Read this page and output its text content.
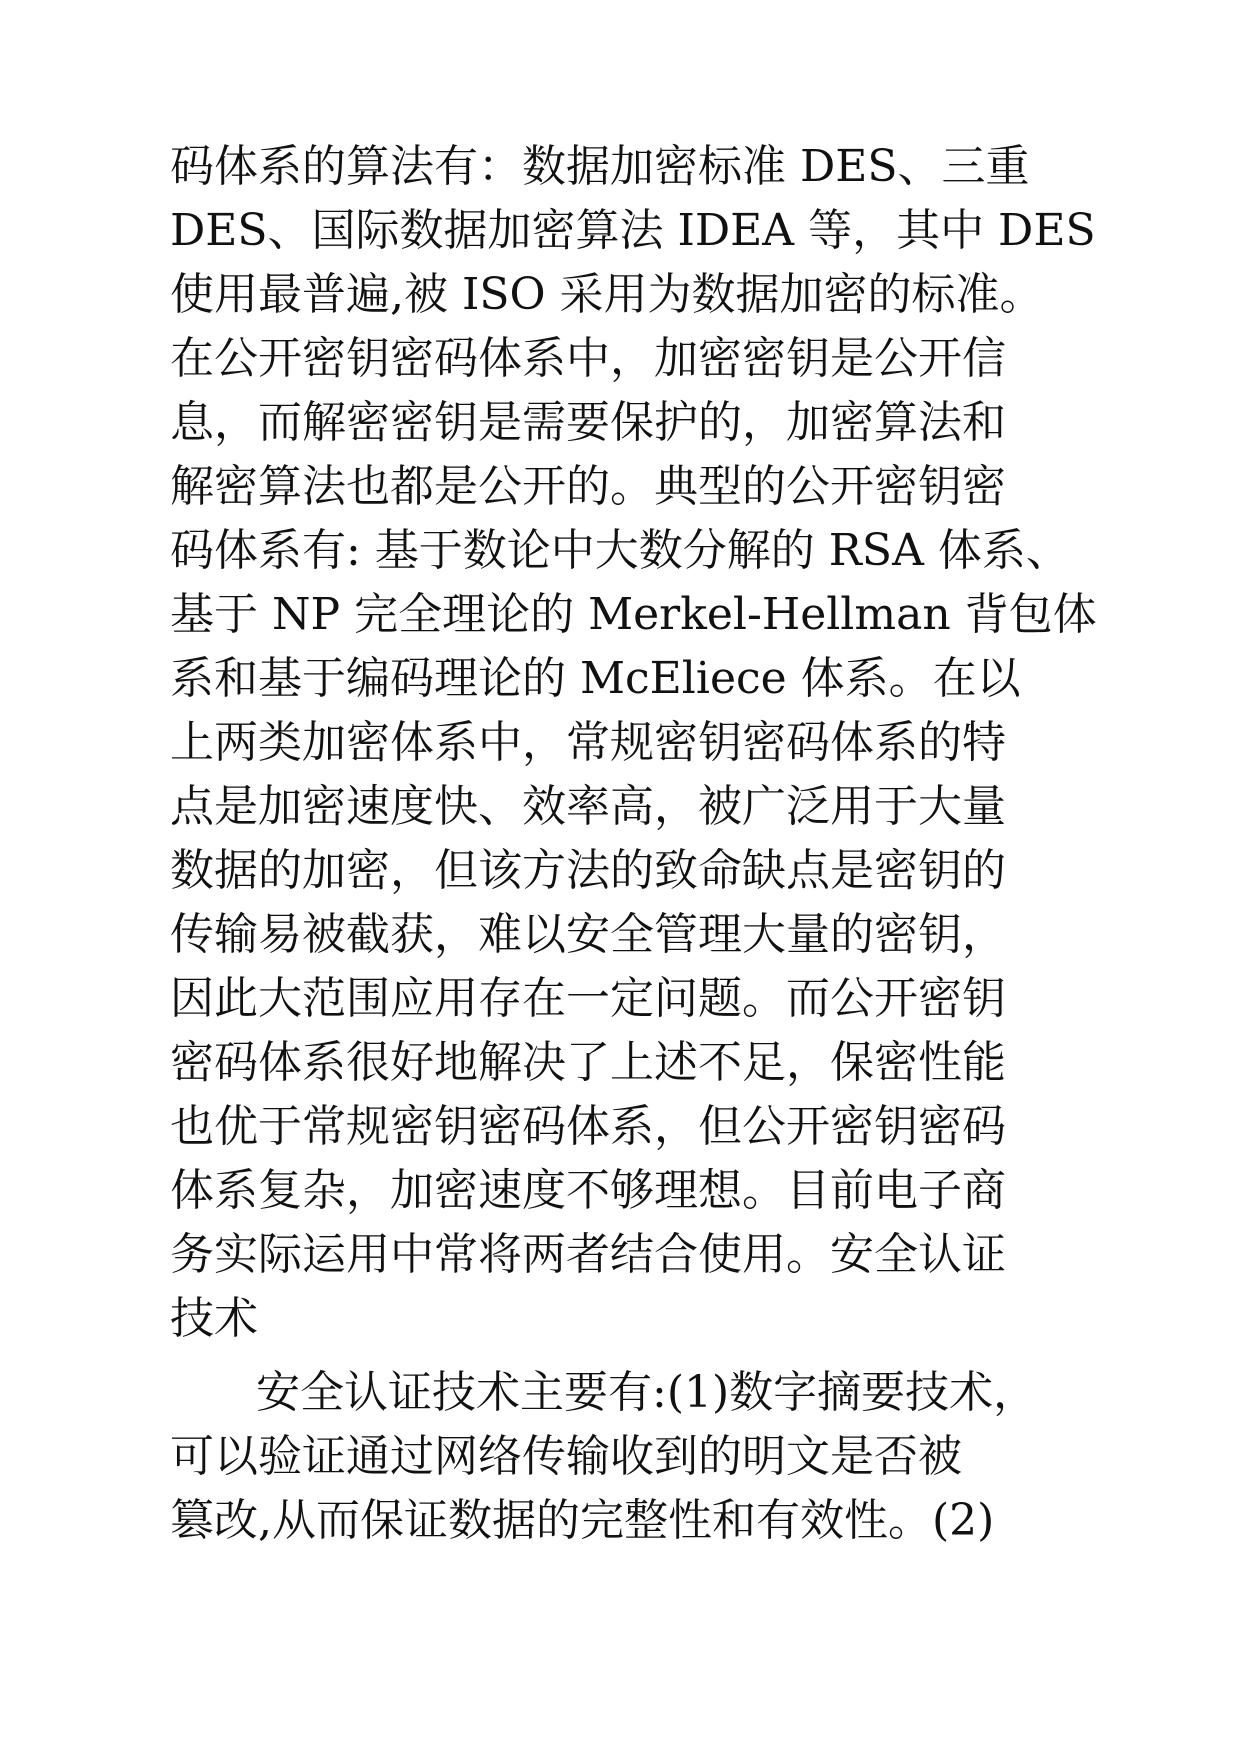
码体系的算法有：数据加密标准 DES、三重
DES、国际数据加密算法 IDEA 等，其中 DES
使用最普遍,被 ISO 采用为数据加密的标准。
在公开密钥密码体系中，加密密钥是公开信
息，而解密密钥是需要保护的，加密算法和
解密算法也都是公开的。典型的公开密钥密
码体系有: 基于数论中大数分解的 RSA 体系、
基于 NP 完全理论的 Merkel-Hellman 背包体
系和基于编码理论的 McEliece 体系。在以
上两类加密体系中，常规密钥密码体系的特
点是加密速度快、效率高，被广泛用于大量
数据的加密，但该方法的致命缺点是密钥的
传输易被截获，难以安全管理大量的密钥，
因此大范围应用存在一定问题。而公开密钥
密码体系很好地解决了上述不足，保密性能
也优于常规密钥密码体系，但公开密钥密码
体系复杂，加密速度不够理想。目前电子商
务实际运用中常将两者结合使用。安全认证
技术
安全认证技术主要有:(1)数字摘要技术，
可以验证通过网络传输收到的明文是否被
篡改,从而保证数据的完整性和有效性。(2)
